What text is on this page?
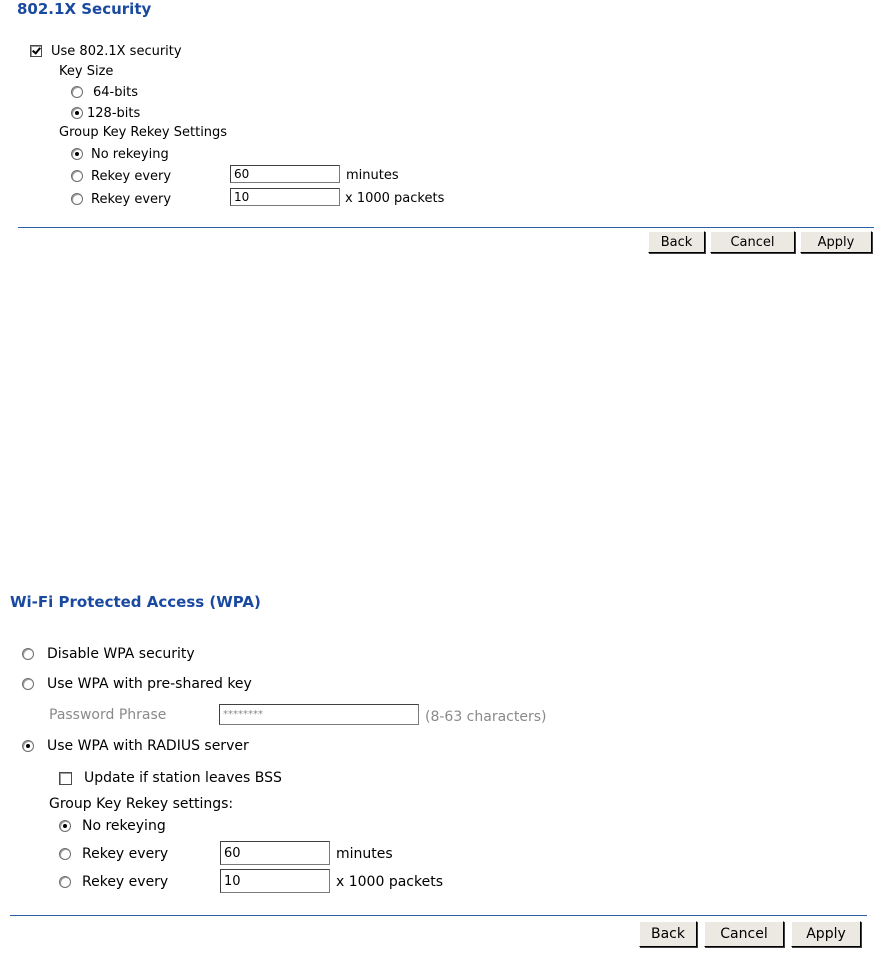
802.1X Security
Use 802.1X security
Key Size
64-bits
128-bits
Group Key Rekey Settings
No rekeying
Rekey every
60	minutes
Rekey every
10	x 1000 packets
Back	Cancel	Apply
Wi-Fi Protected Access (WPA)
Disable WPA security
Use WPA with pre-shared key
Password Phrase
********	(8-63 characters)
Use WPA with RADIUS server
Update if station leaves BSS
Group Key Rekey settings:
No rekeying
Rekey every
60	minutes
Rekey every
10	x 1000 packets
Back	Cancel	Apply
